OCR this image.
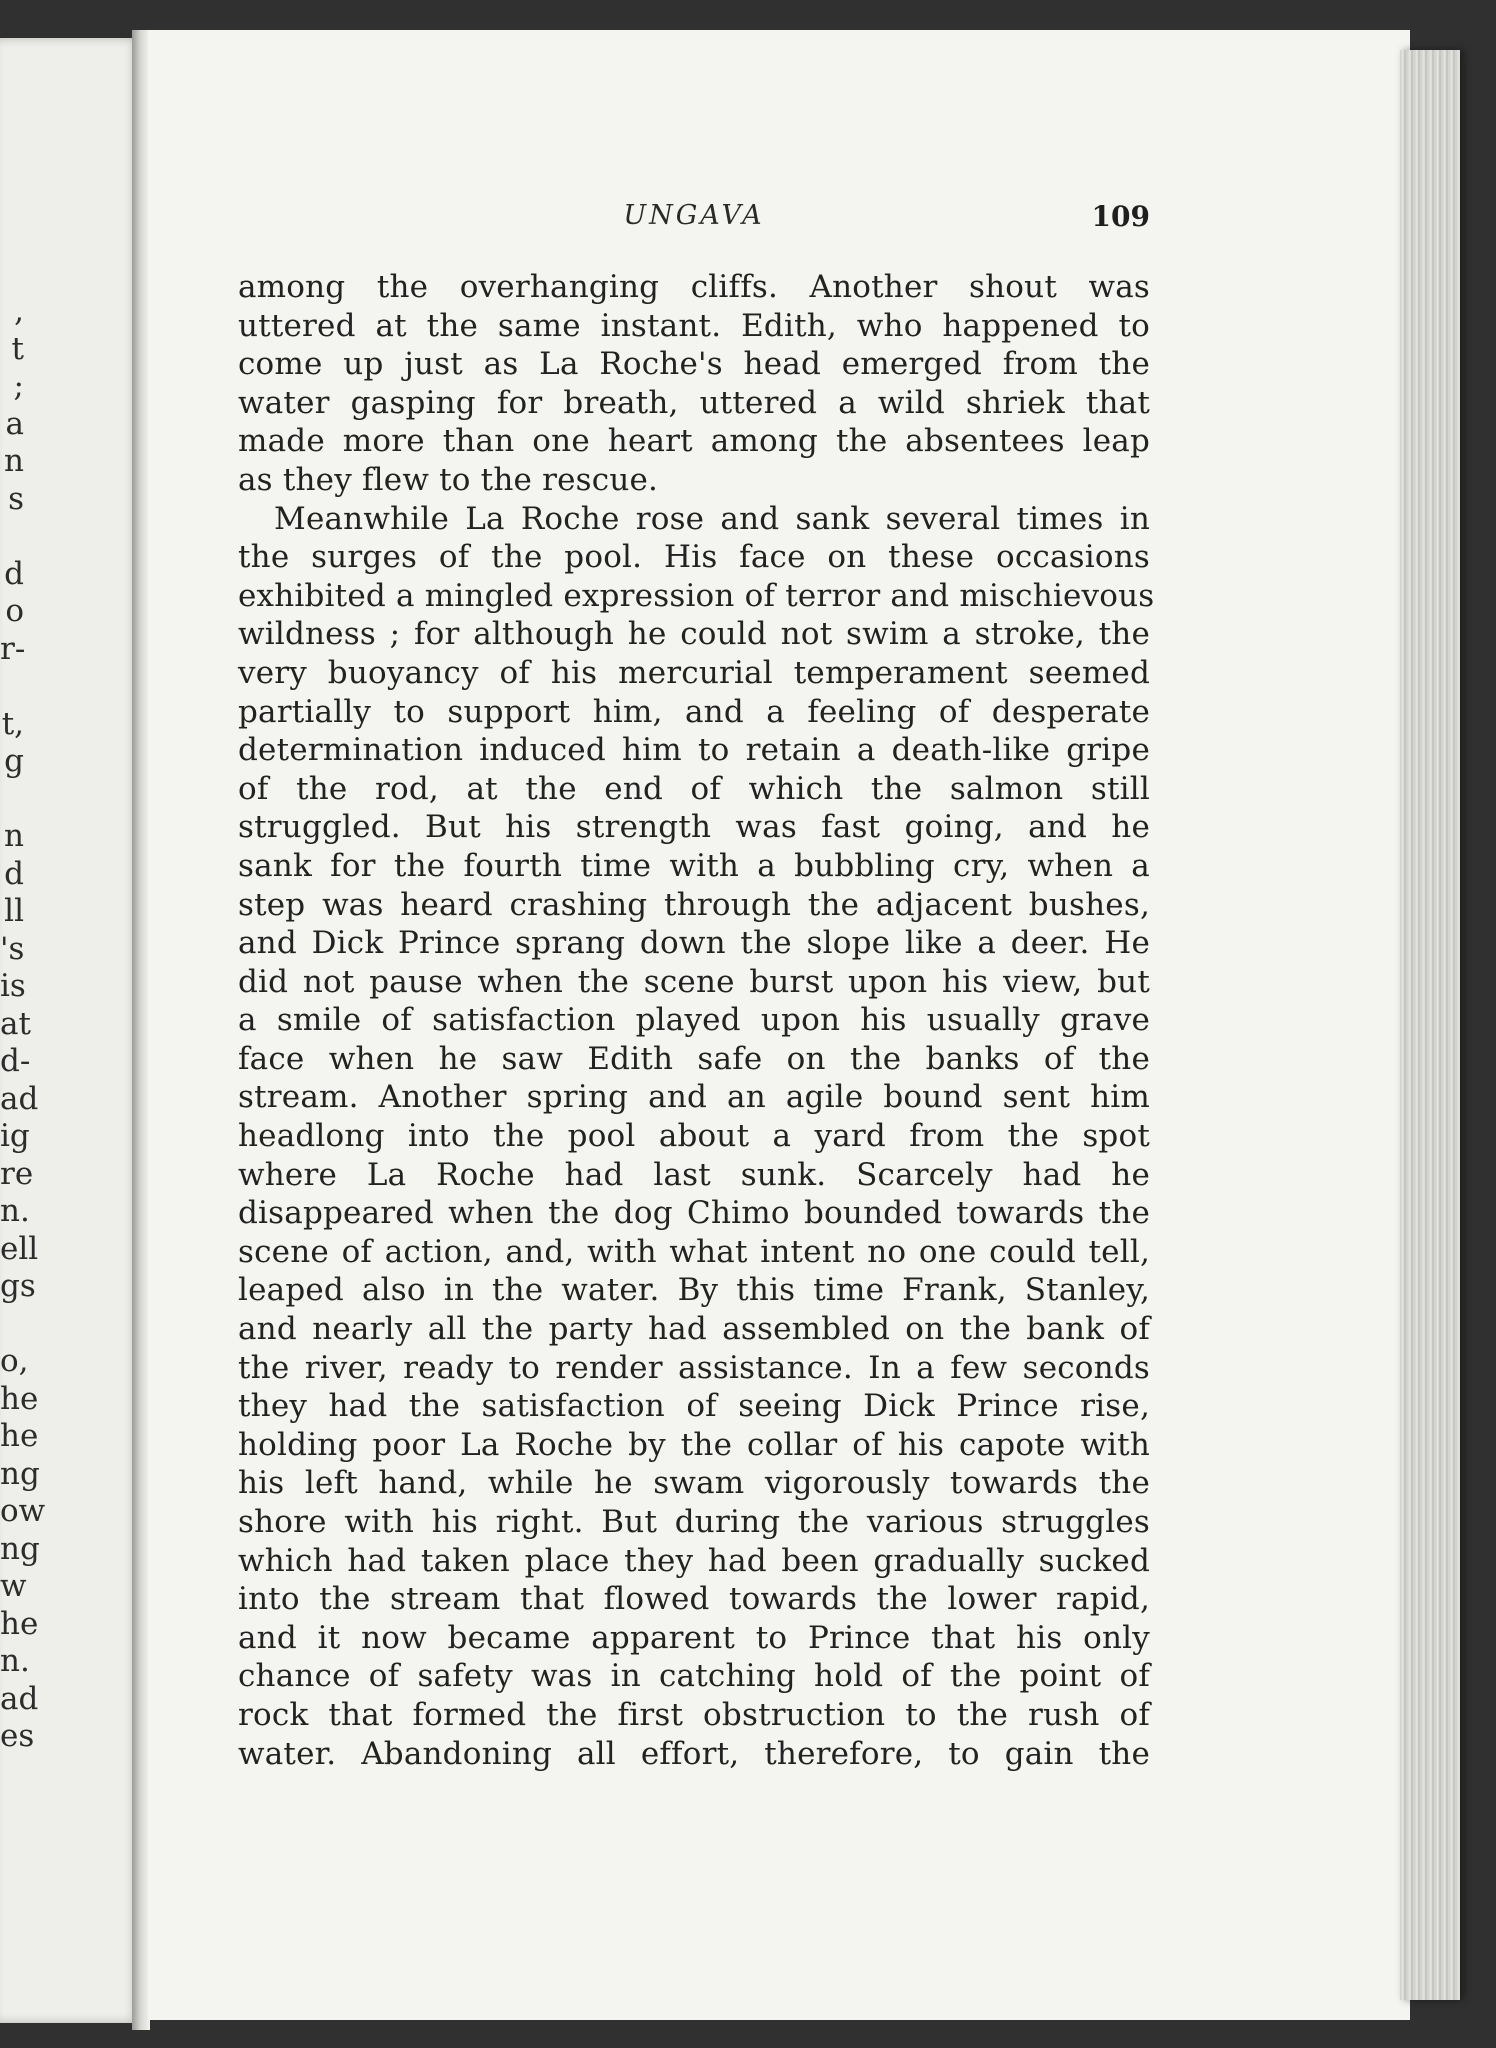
,
t
;
a
n
s
d
o
r-
t,
g
n
d
ll
's
is
at
d-
ad
ig
re
n.
ell
gs
o,
he
he
ng
ow
ng
w
he
n.
ad
es
UNGAVA	109
among the overhanging cliffs. Another shout was
uttered at the same instant. Edith, who happened to
come up just as La Roche's head emerged from the
water gasping for breath, uttered a wild shriek that
made more than one heart among the absentees leap
as they flew to the rescue.
Meanwhile La Roche rose and sank several times in
the surges of the pool. His face on these occasions
exhibited a mingled expression of terror and mischievous
wildness ; for although he could not swim a stroke, the
very buoyancy of his mercurial temperament seemed
partially to support him, and a feeling of desperate
determination induced him to retain a death-like gripe
of the rod, at the end of which the salmon still
struggled. But his strength was fast going, and he
sank for the fourth time with a bubbling cry, when a
step was heard crashing through the adjacent bushes,
and Dick Prince sprang down the slope like a deer. He
did not pause when the scene burst upon his view, but
a smile of satisfaction played upon his usually grave
face when he saw Edith safe on the banks of the
stream. Another spring and an agile bound sent him
headlong into the pool about a yard from the spot
where La Roche had last sunk. Scarcely had he
disappeared when the dog Chimo bounded towards the
scene of action, and, with what intent no one could tell,
leaped also in the water. By this time Frank, Stanley,
and nearly all the party had assembled on the bank of
the river, ready to render assistance. In a few seconds
they had the satisfaction of seeing Dick Prince rise,
holding poor La Roche by the collar of his capote with
his left hand, while he swam vigorously towards the
shore with his right. But during the various struggles
which had taken place they had been gradually sucked
into the stream that flowed towards the lower rapid,
and it now became apparent to Prince that his only
chance of safety was in catching hold of the point of
rock that formed the first obstruction to the rush of
water. Abandoning all effort, therefore, to gain the
